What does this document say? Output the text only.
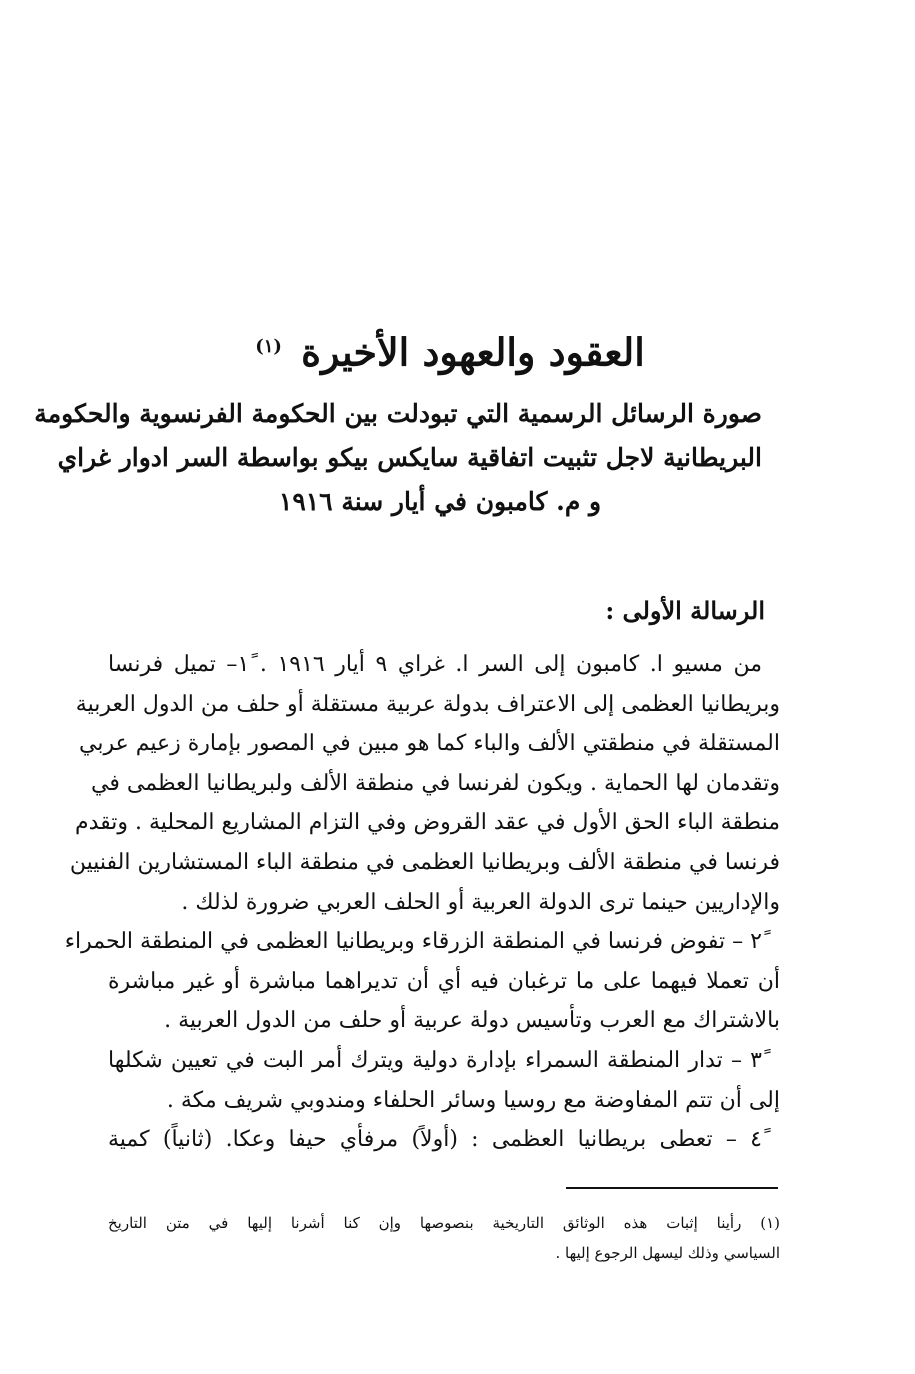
العقود والعهود الأخيرة $^{(١)}$
صورة الرسائل الرسمية التي تبودلت بين الحكومة الفرنسوية والحكومة
البريطانية لاجل تثبيت اتفاقية سايكس بيكو بواسطة السر ادوار غراي
و م. كامبون في أيار سنة ١٩١٦
الرسالة الأولى :
من مسيو ا. كامبون إلى السر ا. غراي ٩ أيار ١٩١٦ . ١ً– تميل فرنسا
وبريطانيا العظمى إلى الاعتراف بدولة عربية مستقلة أو حلف من الدول العربية
المستقلة في منطقتي الألف والباء كما هو مبين في المصور بإمارة زعيم عربي
وتقدمان لها الحماية . ويكون لفرنسا في منطقة الألف ولبريطانيا العظمى في
منطقة الباء الحق الأول في عقد القروض وفي التزام المشاريع المحلية . وتقدم
فرنسا في منطقة الألف وبريطانيا العظمى في منطقة الباء المستشارين الفنيين
والإداريين حينما ترى الدولة العربية أو الحلف العربي ضرورة لذلك .
٢ً – تفوض فرنسا في المنطقة الزرقاء وبريطانيا العظمى في المنطقة الحمراء
أن تعملا فيهما على ما ترغبان فيه أي أن تديراهما مباشرة أو غير مباشرة
بالاشتراك مع العرب وتأسيس دولة عربية أو حلف من الدول العربية .
٣ً – تدار المنطقة السمراء بإدارة دولية ويترك أمر البت في تعيين شكلها
إلى أن تتم المفاوضة مع روسيا وسائر الحلفاء ومندوبي شريف مكة .
٤ً – تعطى بريطانيا العظمى : (أولاً) مرفأي حيفا وعكا. (ثانياً) كمية
(١) رأينا إثبات هذه الوثائق التاريخية بنصوصها وإن كنا أشرنا إليها في متن التاريخ
السياسي وذلك ليسهل الرجوع إليها .
